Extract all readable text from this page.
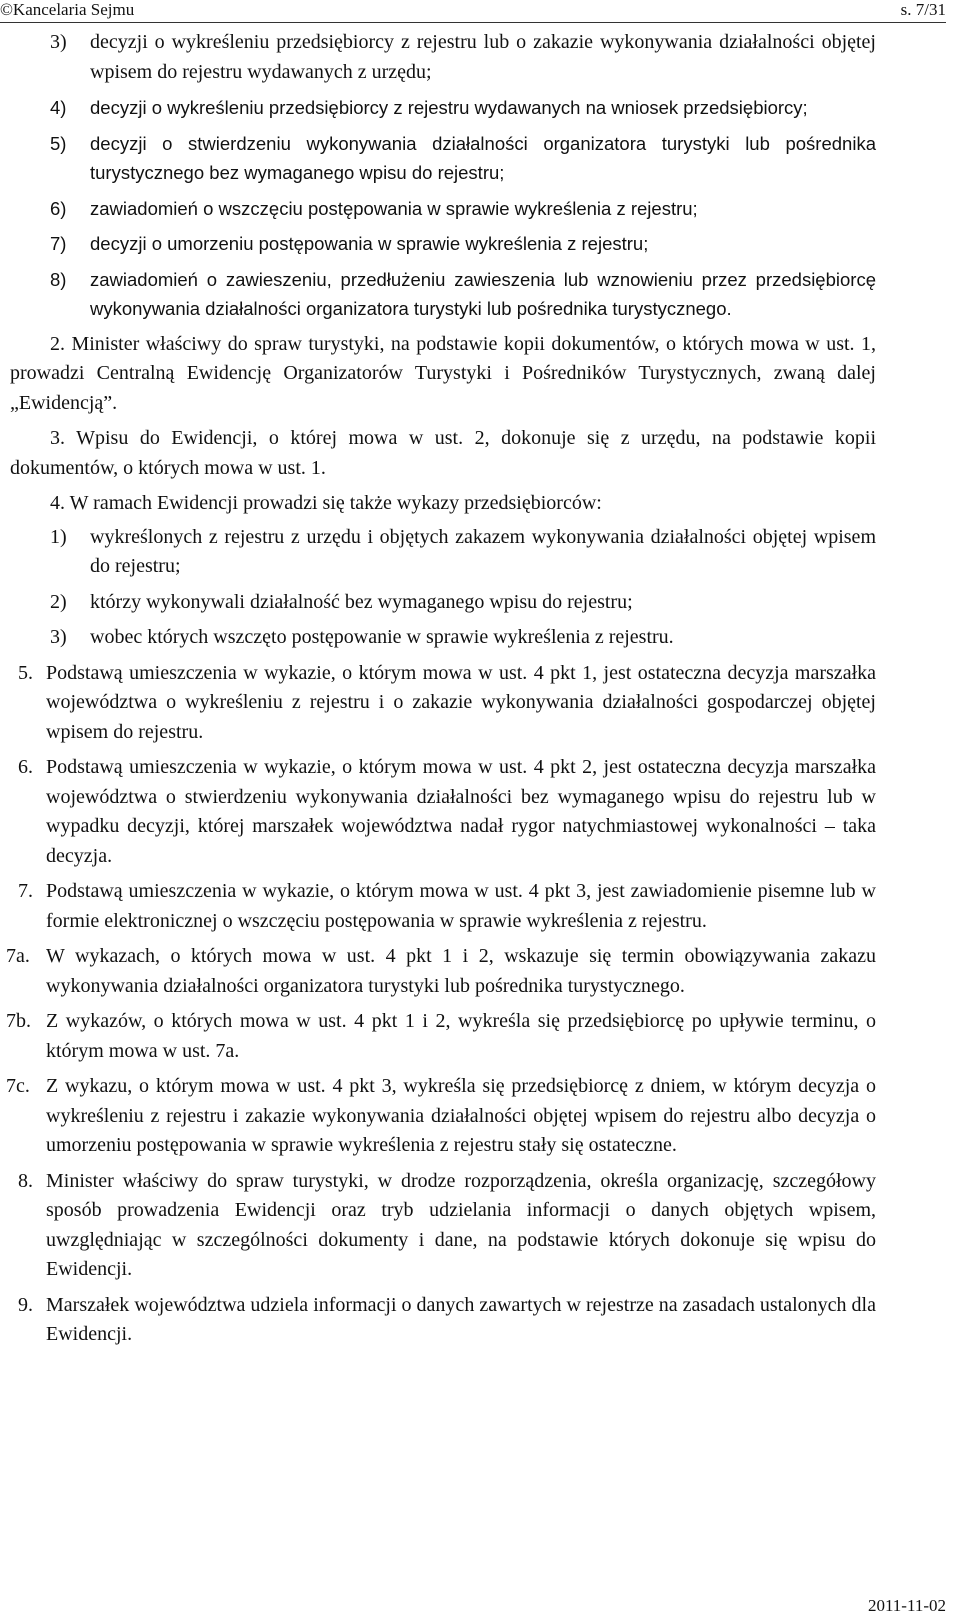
©Kancelaria Sejmu	s. 7/31
3) decyzji o wykreśleniu przedsiębiorcy z rejestru lub o zakazie wykonywania działalności objętej wpisem do rejestru wydawanych z urzędu;
4) decyzji o wykreśleniu przedsiębiorcy z rejestru wydawanych na wniosek przedsiębiorcy;
5) decyzji o stwierdzeniu wykonywania działalności organizatora turystyki lub pośrednika turystycznego bez wymaganego wpisu do rejestru;
6) zawiadomień o wszczęciu postępowania w sprawie wykreślenia z rejestru;
7) decyzji o umorzeniu postępowania w sprawie wykreślenia z rejestru;
8) zawiadomień o zawieszeniu, przedłużeniu zawieszenia lub wznowieniu przez przedsiębiorcę wykonywania działalności organizatora turystyki lub pośrednika turystycznego.
2. Minister właściwy do spraw turystyki, na podstawie kopii dokumentów, o których mowa w ust. 1, prowadzi Centralną Ewidencję Organizatorów Turystyki i Pośredników Turystycznych, zwaną dalej „Ewidencją”.
3. Wpisu do Ewidencji, o której mowa w ust. 2, dokonuje się z urzędu, na podstawie kopii dokumentów, o których mowa w ust. 1.
4. W ramach Ewidencji prowadzi się także wykazy przedsiębiorców:
1) wykreślonych z rejestru z urzędu i objętych zakazem wykonywania działalności objętej wpisem do rejestru;
2) którzy wykonywali działalność bez wymaganego wpisu do rejestru;
3) wobec których wszczęto postępowanie w sprawie wykreślenia z rejestru.
5. Podstawą umieszczenia w wykazie, o którym mowa w ust. 4 pkt 1, jest ostateczna decyzja marszałka województwa o wykreśleniu z rejestru i o zakazie wykonywania działalności gospodarczej objętej wpisem do rejestru.
6. Podstawą umieszczenia w wykazie, o którym mowa w ust. 4 pkt 2, jest ostateczna decyzja marszałka województwa o stwierdzeniu wykonywania działalności bez wymaganego wpisu do rejestru lub w wypadku decyzji, której marszałek województwa nadał rygor natychmiastowej wykonalności – taka decyzja.
7. Podstawą umieszczenia w wykazie, o którym mowa w ust. 4 pkt 3, jest zawiadomienie pisemne lub w formie elektronicznej o wszczęciu postępowania w sprawie wykreślenia z rejestru.
7a. W wykazach, o których mowa w ust. 4 pkt 1 i 2, wskazuje się termin obowiązywania zakazu wykonywania działalności organizatora turystyki lub pośrednika turystycznego.
7b. Z wykazów, o których mowa w ust. 4 pkt 1 i 2, wykreśla się przedsiębiorcę po upływie terminu, o którym mowa w ust. 7a.
7c. Z wykazu, o którym mowa w ust. 4 pkt 3, wykreśla się przedsiębiorcę z dniem, w którym decyzja o wykreśleniu z rejestru i zakazie wykonywania działalności objętej wpisem do rejestru albo decyzja o umorzeniu postępowania w sprawie wykreślenia z rejestru stały się ostateczne.
8. Minister właściwy do spraw turystyki, w drodze rozporządzenia, określa organizację, szczegółowy sposób prowadzenia Ewidencji oraz tryb udzielania informacji o danych objętych wpisem, uwzględniając w szczególności dokumenty i dane, na podstawie których dokonuje się wpisu do Ewidencji.
9. Marszałek województwa udziela informacji o danych zawartych w rejestrze na zasadach ustalonych dla Ewidencji.
2011-11-02
